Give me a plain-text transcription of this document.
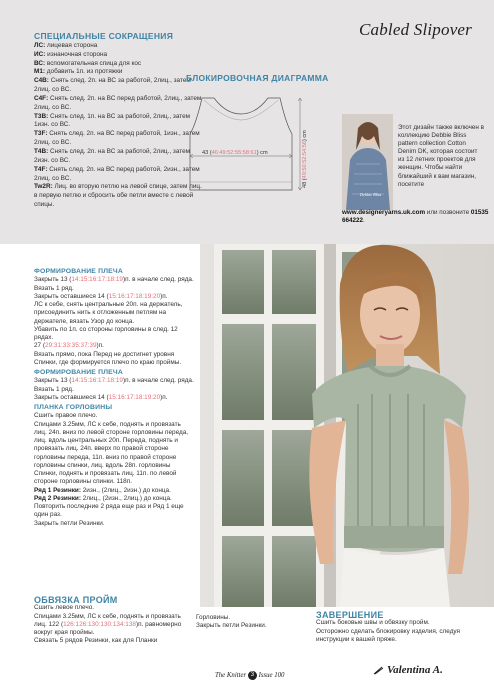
Cabled Slipover
СПЕЦИАЛЬНЫЕ СОКРАЩЕНИЯ
ЛС: лицевая сторона
ИС: изнаночная сторона
ВС: вспомогательная спица для кос
М1: добавить 1п. из протяжки
C4B: Снять след. 2п. на ВС за работой, 2лиц., затем 2лиц. со ВС.
C4F: Снять след. 2п. на ВС перед работой, 2лиц., затем 2лиц. со ВС.
T3B: Снять след. 1п. на ВС за работой, 2лиц., затем 1изн. со ВС.
T3F: Снять след. 2п. на ВС перед работой, 1изн., затем 2лиц. со ВС.
T4B: Снять след. 2п. на ВС за работой, 2лиц., затем 2изн. со ВС.
T4F: Снять след. 2п. на ВС перед работой, 2изн., затем 2лиц. со ВС.
Tw2R: Лиц. во вторую петлю на левой спице, затем лиц. в первую петлю и сбросить обе петли вместе с левой спицы.
БЛОКИРОВОЧНАЯ ДИАГРАММА
43 (46:49:52:55:58:61) cm
48 (49:50:52:54:56) cm
Debbie Bliss
Этот дизайн также включен в коллекцию Debbie Bliss pattern collection Cotton Denim DK, которая состоит из 12 летних проектов для женщин. Чтобы найти ближайший к вам магазин, посетите
www.designeryarns.uk.com или позвоните 01535 664222.
ФОРМИРОВАНИЕ ПЛЕЧА
Закрыть 13 (14:15:16:17:18:19)п. в начале след. ряда.
Вязать 1 ряд.
Закрыть оставшиеся 14 (15:16:17:18:19:20)п.
ЛС к себе, снять центральные 20п. на держатель, присоединить нить к отложенным петлям на держателе, вязать Узор до конца.
Убавить по 1п. со стороны горловины в след. 12 рядах.
27 (29:31:33:35:37:39)п.
Вязать прямо, пока Перед не достигнет уровня Спинки, где формируется плечо по краю проймы.
ФОРМИРОВАНИЕ ПЛЕЧА
Закрыть 13 (14:15:16:17:18:19)п. в начале след. ряда.
Вязать 1 ряд.
Закрыть оставшиеся 14 (15:16:17:18:19:20)п.
ПЛАНКА ГОРЛОВИНЫ
Сшить правое плечо.
Спицами 3.25мм, ЛС к себе, поднять и провязать лиц. 24п. вниз по левой стороне горловины переда, лиц. вдоль центральных 20п. Переда, поднять и провязать лиц. 24п. вверх по правой стороне горловины переда, 11п. вниз по правой стороне горловины спинки, лиц. вдоль 28п. горловины Спинки, поднять и провязать лиц. 11п. по левой стороне горловины спинки. 118п.
Ряд 1 Резинки: 2изн., (2лиц., 2изн.) до конца.
Ряд 2 Резинки: 2лиц., (2изн., 2лиц.) до конца.
Повторить последние 2 ряда еще раз и Ряд 1 еще один раз.
Закрыть петли Резинки.
ОБВЯЗКА ПРОЙМ
Сшить левое плечо.
Спицами 3.25мм, ЛС к себе, поднять и провязать лиц. 122 (126:126:130:130:134:138)п. равномерно вокруг края проймы.
Связать 5 рядов Резинки, как для Планки
Горловины.
Закрыть петли Резинки.
ЗАВЕРШЕНИЕ
Сшить боковые швы и обвязку пройм.
Осторожно сделать блокировку изделия, следуя инструкции к вашей пряже.
The Knitter 3 Issue 100	Valentina A.
